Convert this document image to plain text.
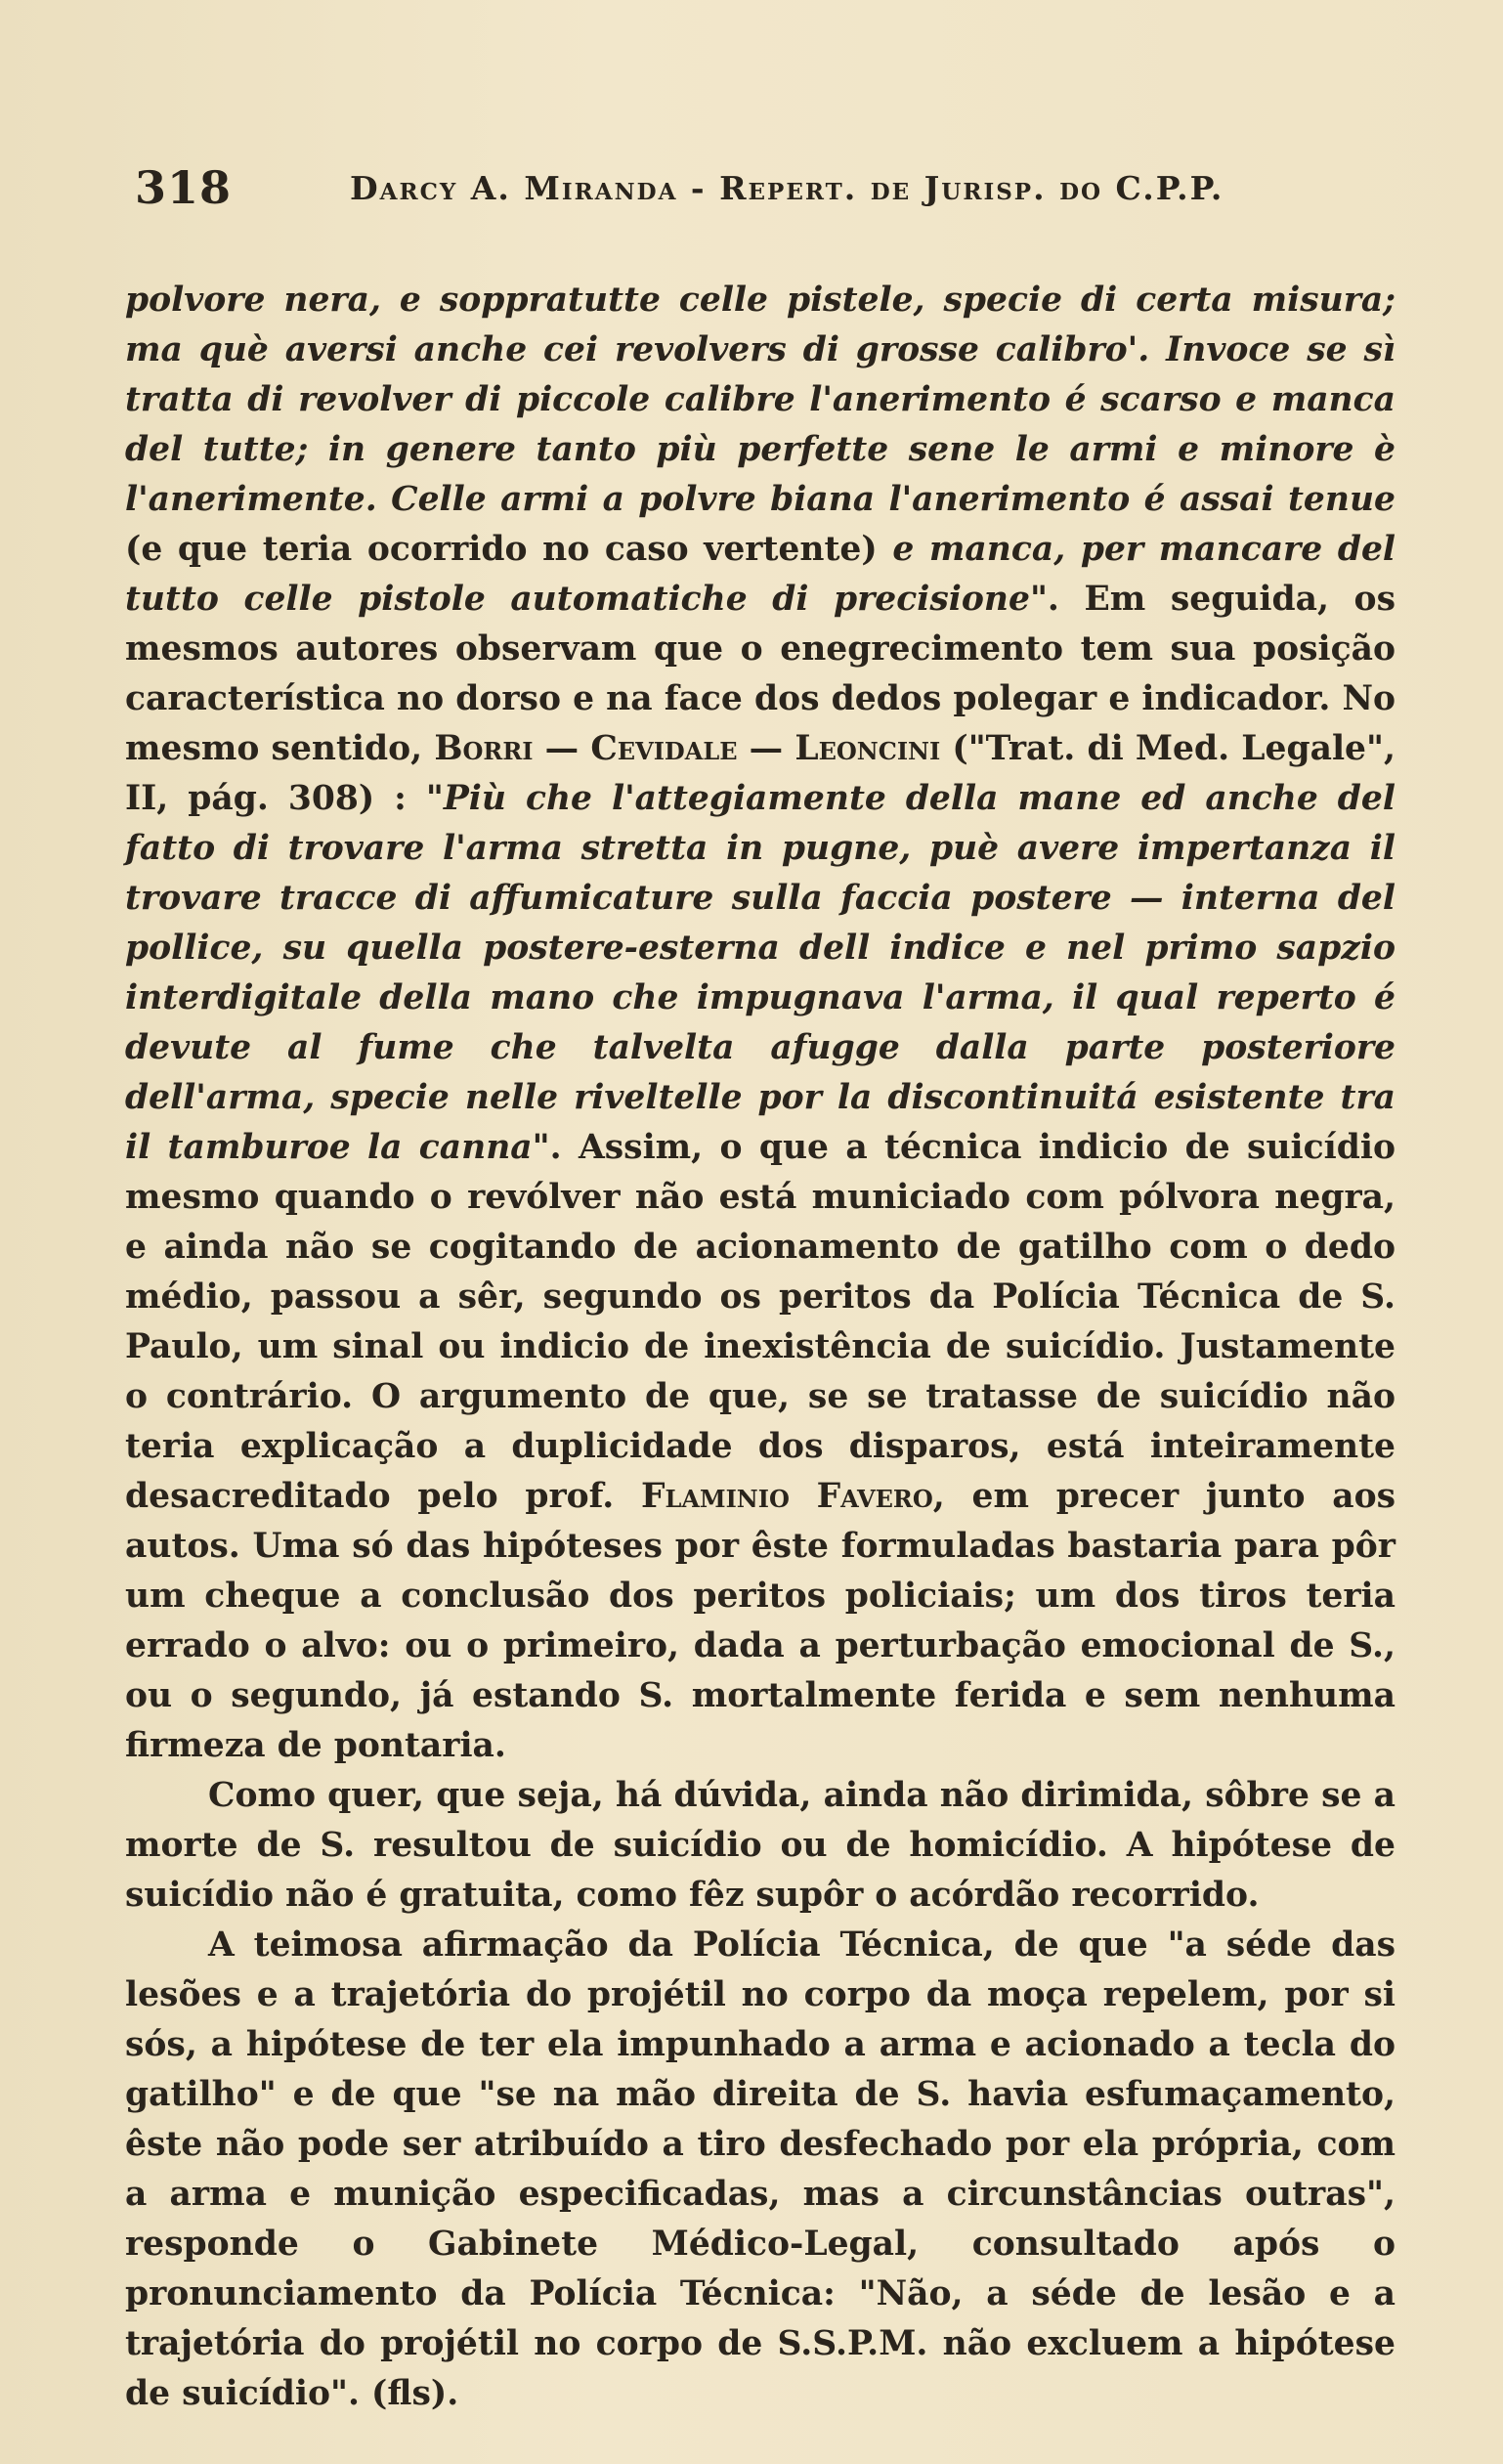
318	Darcy A. Miranda - Repert. de Jurisp. do C.P.P.

polvore nera, e soppratutte celle pistele, specie di certa misura; ma què aversi anche cei revolvers di grosse calibro'. Invoce se sì tratta di revolver di piccole calibre l'anerimento é scarso e manca del tutte; in genere tanto più perfette sene le armi e minore è l'anerimente. Celle armi a polvre biana l'anerimento é assai tenue (e que teria ocorrido no caso vertente) e manca, per mancare del tutto celle pistole automatiche di precisione". Em seguida, os mesmos autores observam que o enegrecimento tem sua posição característica no dorso e na face dos dedos polegar e indicador. No mesmo sentido, Borri — Cevidale — Leoncini ("Trat. di Med. Legale", II, pág. 308) : "Più che l'attegiamente della mane ed anche del fatto di trovare l'arma stretta in pugne, puè avere impertanza il trovare tracce di affumicature sulla faccia postere — interna del pollice, su quella postere-esterna dell indice e nel primo sapzio interdigitale della mano che impugnava l'arma, il qual reperto é devute al fume che talvelta afugge dalla parte posteriore dell'arma, specie nelle riveltelle por la discontinuitá esistente tra il tamburoe la canna". Assim, o que a técnica indicio de suicídio mesmo quando o revólver não está municiado com pólvora negra, e ainda não se cogitando de acionamento de gatilho com o dedo médio, passou a sêr, segundo os peritos da Polícia Técnica de S. Paulo, um sinal ou indicio de inexistência de suicídio. Justamente o contrário. O argumento de que, se se tratasse de suicídio não teria explicação a duplicidade dos disparos, está inteiramente desacreditado pelo prof. Flaminio Favero, em precer junto aos autos. Uma só das hipóteses por êste formuladas bastaria para pôr um cheque a conclusão dos peritos policiais; um dos tiros teria errado o alvo: ou o primeiro, dada a perturbação emocional de S., ou o segundo, já estando S. mortalmente ferida e sem nenhuma firmeza de pontaria.

Como quer, que seja, há dúvida, ainda não dirimida, sôbre se a morte de S. resultou de suicídio ou de homicídio. A hipótese de suicídio não é gratuita, como fêz supôr o acórdão recorrido.

A teimosa afirmação da Polícia Técnica, de que "a séde das lesões e a trajetória do projétil no corpo da moça repelem, por si sós, a hipótese de ter ela impunhado a arma e acionado a tecla do gatilho" e de que "se na mão direita de S. havia esfumaçamento, êste não pode ser atribuído a tiro desfechado por ela própria, com a arma e munição especificadas, mas a circunstâncias outras", responde o Gabinete Médico-Legal, consultado após o pronunciamento da Polícia Técnica: "Não, a séde de lesão e a trajetória do projétil no corpo de S.S.P.M. não excluem a hipótese de suicídio". (fls).
